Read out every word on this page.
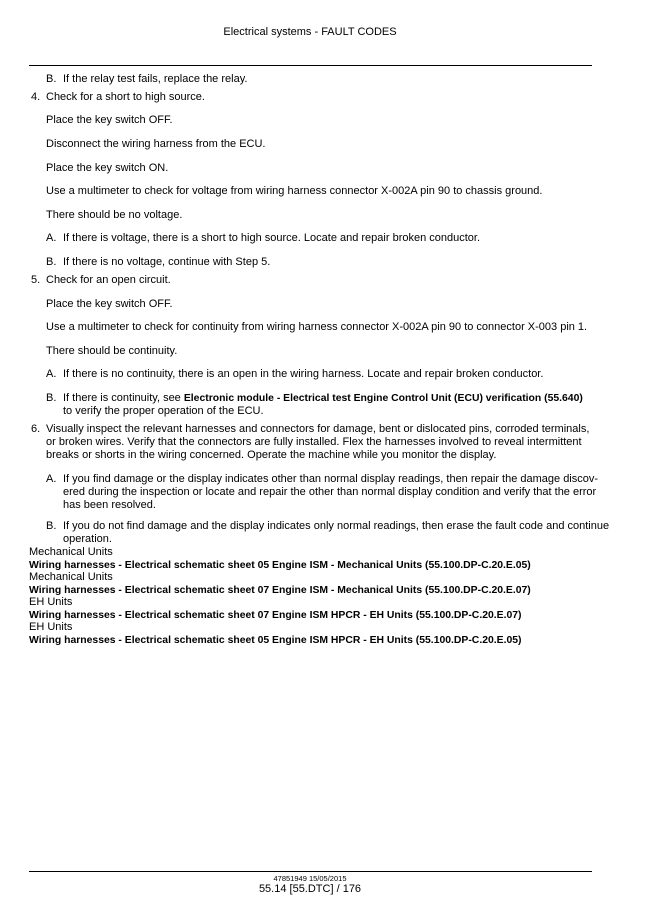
Electrical systems - FAULT CODES
B. If the relay test fails, replace the relay.
4. Check for a short to high source.
Place the key switch OFF.
Disconnect the wiring harness from the ECU.
Place the key switch ON.
Use a multimeter to check for voltage from wiring harness connector X-002A pin 90 to chassis ground.
There should be no voltage.
A. If there is voltage, there is a short to high source. Locate and repair broken conductor.
B. If there is no voltage, continue with Step 5.
5. Check for an open circuit.
Place the key switch OFF.
Use a multimeter to check for continuity from wiring harness connector X-002A pin 90 to connector X-003 pin 1.
There should be continuity.
A. If there is no continuity, there is an open in the wiring harness. Locate and repair broken conductor.
B. If there is continuity, see Electronic module - Electrical test Engine Control Unit (ECU) verification (55.640)
to verify the proper operation of the ECU.
6. Visually inspect the relevant harnesses and connectors for damage, bent or dislocated pins, corroded terminals,
or broken wires. Verify that the connectors are fully installed. Flex the harnesses involved to reveal intermittent
breaks or shorts in the wiring concerned. Operate the machine while you monitor the display.
A. If you find damage or the display indicates other than normal display readings, then repair the damage discov-
ered during the inspection or locate and repair the other than normal display condition and verify that the error
has been resolved.
B. If you do not find damage and the display indicates only normal readings, then erase the fault code and continue
operation.
Mechanical Units
Wiring harnesses - Electrical schematic sheet 05 Engine ISM - Mechanical Units (55.100.DP-C.20.E.05)
Mechanical Units
Wiring harnesses - Electrical schematic sheet 07 Engine ISM - Mechanical Units (55.100.DP-C.20.E.07)
EH Units
Wiring harnesses - Electrical schematic sheet 07 Engine ISM HPCR - EH Units (55.100.DP-C.20.E.07)
EH Units
Wiring harnesses - Electrical schematic sheet 05 Engine ISM HPCR - EH Units (55.100.DP-C.20.E.05)
47851949 15/05/2015
55.14 [55.DTC] / 176
